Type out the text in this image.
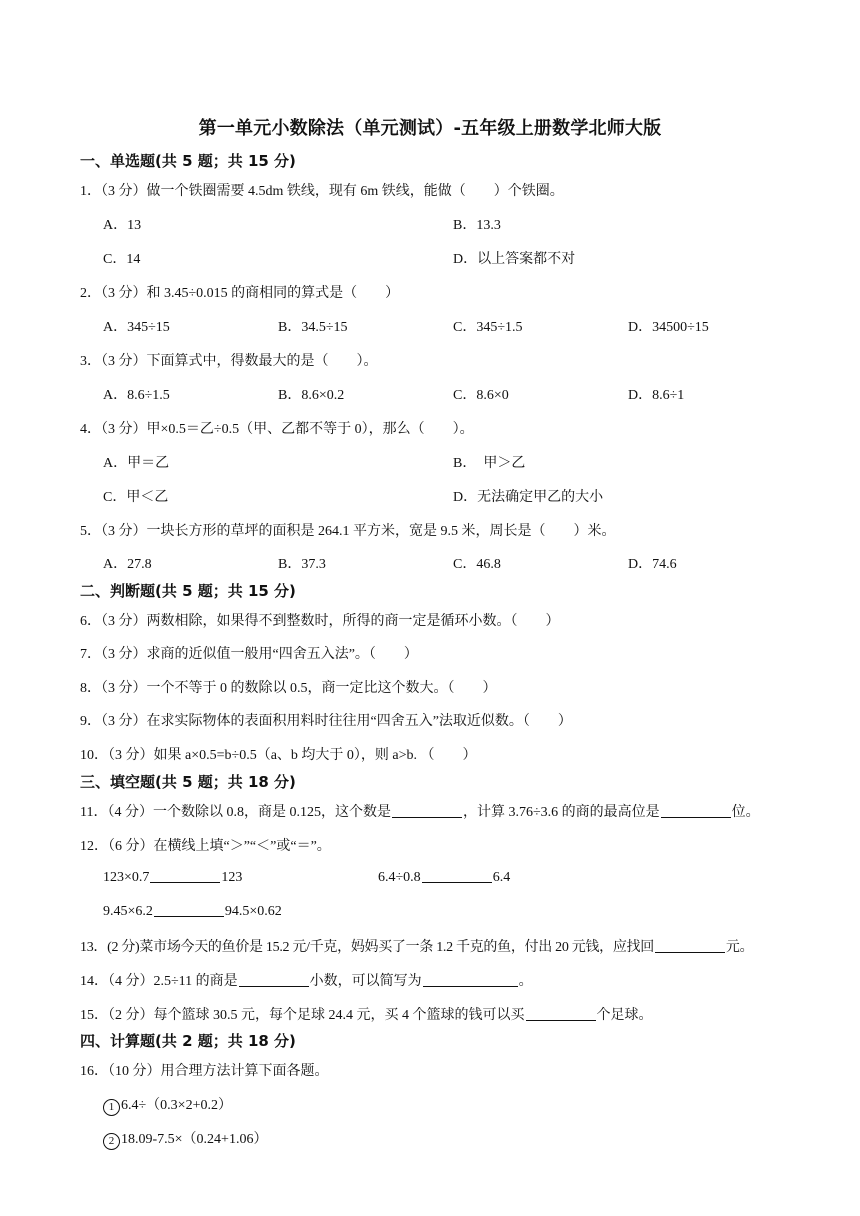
第一单元小数除法（单元测试）-五年级上册数学北师大版
一、单选题(共 5 题；共 15 分)
1．（3 分）做一个铁圈需要 4.5dm 铁线，现有 6m 铁线，能做（　　）个铁圈。
A．13	B．13.3
C．14	D．以上答案都不对
2．（3 分）和 3.45÷0.015 的商相同的算式是（　　）
A．345÷15	B．34.5÷15	C．345÷1.5	D．34500÷15
3．（3 分）下面算式中，得数最大的是（　　）。
A．8.6÷1.5	B．8.6×0.2	C．8.6×0	D．8.6÷1
4．（3 分）甲×0.5＝乙÷0.5（甲、乙都不等于 0），那么（　　）。
A．甲＝乙	B．　甲＞乙
C．甲＜乙	D．无法确定甲乙的大小
5．（3 分）一块长方形的草坪的面积是 264.1 平方米，宽是 9.5 米，周长是（　　）米。
A．27.8	B．37.3	C．46.8	D．74.6
二、判断题(共 5 题；共 15 分)
6．（3 分）两数相除，如果得不到整数时，所得的商一定是循环小数。（　　）
7．（3 分）求商的近似值一般用“四舍五入法”。（　　）
8．（3 分）一个不等于 0 的数除以 0.5，商一定比这个数大。（　　）
9．（3 分）在求实际物体的表面积用料时往往用“四舍五入”法取近似数。（　　）
10．（3 分）如果 a×0.5=b÷0.5（a、b 均大于 0），则 a>b. （　　）
三、填空题(共 5 题；共 18 分)
11．（4 分）一个数除以 0.8，商是 0.125，这个数是	，计算 3.76÷3.6 的商的最高位是	位。
12．（6 分）在横线上填“＞”“＜”或“＝”。
123×0.7	123	6.4÷0.8	6.4
9.45×6.2	94.5×0.62
13．(2 分)菜市场今天的鱼价是 15.2 元/千克，妈妈买了一条 1.2 千克的鱼，付出 20 元钱，应找回	元。
14．（4 分）2.5÷11 的商是	小数，可以简写为	。
15．（2 分）每个篮球 30.5 元，每个足球 24.4 元，买 4 个篮球的钱可以买	个足球。
四、计算题(共 2 题；共 18 分)
16．（10 分）用合理方法计算下面各题。
1 6.4÷（0.3×2+0.2）
2 18.09-7.5×（0.24+1.06）
